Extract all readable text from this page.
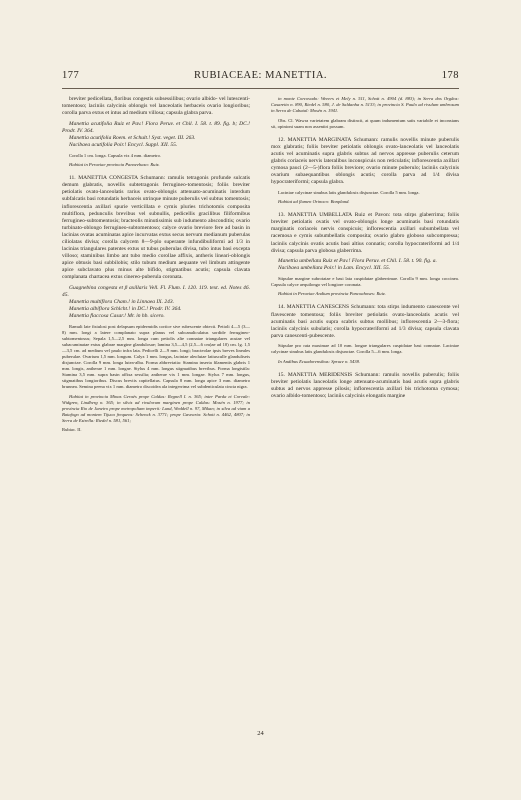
177	RUBIACEAE: MANETTIA.	178

breviter pedicellata, floribus congestis subsessilibus; ovario albido- vel lutescenti-tomentoso; laciniis calycinis oblongis vel lanceolatis herbaceis ovario longioribus; corolla parva extus et intus ad medium villosa; capsula glabra parva.

Manettia acutifolia Ruiz et Pav.! Flora Peruv. et Chil. I. 58. t. 89. fig. b; DC.! Prodr. IV. 364.

Manettia acutifolia Roem. et Schult.! Syst. veget. III. 263.

Nacibaea acutifolia Poir.! Encycl. Suppl. XII. 55.

Corolla 1 cm. longa. Capsula vix 4 mm. diametro.

Habitat in Peruviae provincia Panoeehaso: Ruiz.

11. MANETTIA CONGESTA Schumann: ramulis tetragonis profunde sulcatis demum glabratis, novellis subtetragonis ferrugineo-tomentosis; foliis breviter petiolatis ovato-lanceolatis rarius ovato-oblongis attenuato-acuminatis interdum subfalcatis basi rotundatis herbaceis utrinque minute puberulis vel subtus tomentosis; inflorescentia axillari spurie verticillata e cymis pluries trichotomis composita multiflora, pedunculis brevibus vel subnullis, pedicellis gracilibus filiformibus ferrugineo-subtomentosis; bracteolis minutissimis sub indumento absconditis; ovario turbinato-oblongo ferrugineo-subtomentoso; calyce ovario breviore fere ad basin in lacinias ovatas acuminatas apice incurvatas extus secus nervum medianum puberulas ciliolatas divisa; corolla calycem 8—9-plo superante infundibuliformi ad 1/3 in lacinias triangulares patentes extus ut tubus puberulas divisa, tubo intus basi excepta villoso; staminibus limbo ant tubo medio corollae affixis, antheris lineari-oblongis apice obtusis basi subbilobis; stilo tubum medium aequante vel limbum attingente apice subclavato plus minus alte bifido, stigmatibus acutis; capsula clavata complanata chartacea extus cinereo-puberula coronata.

Guagnebina congesta et β axillaris Vell. Fl. Flum. I. 120. 119. text. ed. Notes 46. 45.

Manettia multiflora Cham.! in Linnaea IX. 243.

Manettia albiflora Schlcht.! in DC.! Prodr. IV. 364.

Manettia flaccosa Casar.! Mr. in hb. sicero.

Ramuli late fistulosi post delapsum epidermidis cortice sive rubescente obtecti. Petioli 4—5 (3—8) mm. longi a latere complanato supra planus vel subcanaliculatus sordide ferrugineo-subtomentosus; Sepala 1,5—2,5 mm. longa cum petiolis alte connatae triangulares acutae vel subacuminatae extus glabrae margine glandulosae; lamina 3,5—4,5 (2,5—6 cm)ae ad 10) cm. lg. 1,5—3,5 cm. ad medium vel paulo infra lata. Pedicelli 2—9 mm. longi; bracteolae ipsis breves lineales puberulae. Ovarium 1,5 mm. longum. Calyx 1 mm. longus, laciniae aleolutae latiusculle glanduliseis disjunctae. Corolla 9 mm. longa lutea-alba. Forma abbreviatia: Stamina inserta filamentis glabris 1 mm. longis, antherae 1 mm. longae. Stylus 4 mm. longus stigmatibus brevibus. Forma longistila: Stamina 3,5 mm. supra basin affixa sessilia; antherae vix 1 mm. longae. Stylus 7 mm. longus, stigmatibus longioribus. Discus breviis capitellatus. Capsula 8 mm. longa apice 3 mm. diametro brunnea. Semina peena vix 1 mm. diametro discoidea ala integerrima vel subdenticulata cincta nigra.

Habitat in provincia Minas Geraës prope Caldas: Regnell I. n. 365; inter Parda et Corvale: Widgren, Lindberg n. 365; in silvis ad rivulorum marginen prope Caldas: Mosén n. 1977; in provincia Rio de Janeiro prope metropoliam imperii: Lund, Weddell n. 97, Mikan; in silva ad viam a Batafogo ad montem Tijuca frequens: Schenck n. 3771; prope Gavearia: Schott n. 4462, 4807; in Serra de Estrella: Riedel n. 581, 561;

Rubiac. II.

in monte Corcovado: Weeers et Mely n. 511, Schott n. 4904 (d. 883); in Serra dos Orgãos: Casaretto n. 890, Riedel n. 580, J. de Saldanha n. 5133; in provincia S. Paulo ad rivulum umbrosum in Serra de Cubatal: Mosén n. 1941.

Obs. Cl. Wawra varietatem glabram distincit, at quum indumentum satis variabile et inconstans sit, opinioni suam non assentiri possum.

12. MANETTIA MARGINATA Schumann: ramulis novellis minute puberulis mox glabratis; foliis breviter petiolatis oblongis ovato-lanceolatis vel lanceolatis acutis vel acuminatis supra glabris subtus ad nervos appresse puberulis ceterum glabris coriaceis nervis lateralibus inconspicuis non reticulatis; inflorescentia axillari cymosa pauci (2—5-)flora foliis breviore; ovario minute puberulo; laciniis calycinis ovarium subaequantibus oblongis acutis; corolla parva ad 1/4 divisa hypocrateriformi; capsula glabra.

Laciniae calycinae sinubus latis glandulosis disjunctae. Corolla 5 mm. longa.

Habitat ad flumen Orinoco: Bonpland.

13. MANETTIA UMBELLATA Ruiz et Pavon: tota stirps glaberrima; foliis breviter petiolatis ovatis vel ovato-oblongis longe acuminatis basi rotundatis marginatis coriaceis nervis conspicuis; inflorescentia axillari subumbellata vel racemosa e cymis subumbellatis composita; ovario glabro globoso subcompressa; laciniis calycinis ovatis acutis basi altius connatis; corolla hypocrateriformi ad 1/4 divisa; capsula parva globosa glaberrima.

Manettia umbellata Ruiz et Pav.! Flora Peruv. et Chil. I. 58. t. 90. fig. a.

Nacibaea umbellata Poir.! in Lam. Encycl. XII. 55.

Stipulae margine subrotatae e basi lata cuspidatae glaberrimae. Corolla 9 mm. longa coccinea. Capsula calyce aequilongo vel longiore coronata.

Habitat in Peruviae Andium provincia Pancoahoses: Ruiz.

14. MANETTIA CANESCENS Schumann: tota stirps indumento canescente vel flavescente tomentosa; foliis breviter petiolatis ovato-lanceolatis acutis vel acuminatis basi acutis supra scabris subtus mollibus; inflorescentia 2—3-flora; laciniis calycinis subulatis; corolla hypocrateriformi ad 1/3 divisa; capsula clavata parva canescenti-pubescente.

Stipulae pro rata maximae ad 10 mm. longae triangulares cuspidatae basi connatae. Laciniae calycinae sinubus latis glandulosis disjunctae. Corolla 5—6 mm. longa.

In Andibus Ecuadorensibus: Spruce n. 5438.

15. MANETTIA MERIDENSIS Schumann: ramulis novellis puberulis; foliis breviter petiolatis lanceolatis longe attenuato-acuminatis basi acutis supra glabris subtus ad nervos appresse pilosis; inflorescentia axillari bis trichotoma cymosa; ovario albido-tomentoso; laciniis calycinis elongatis margine

24
